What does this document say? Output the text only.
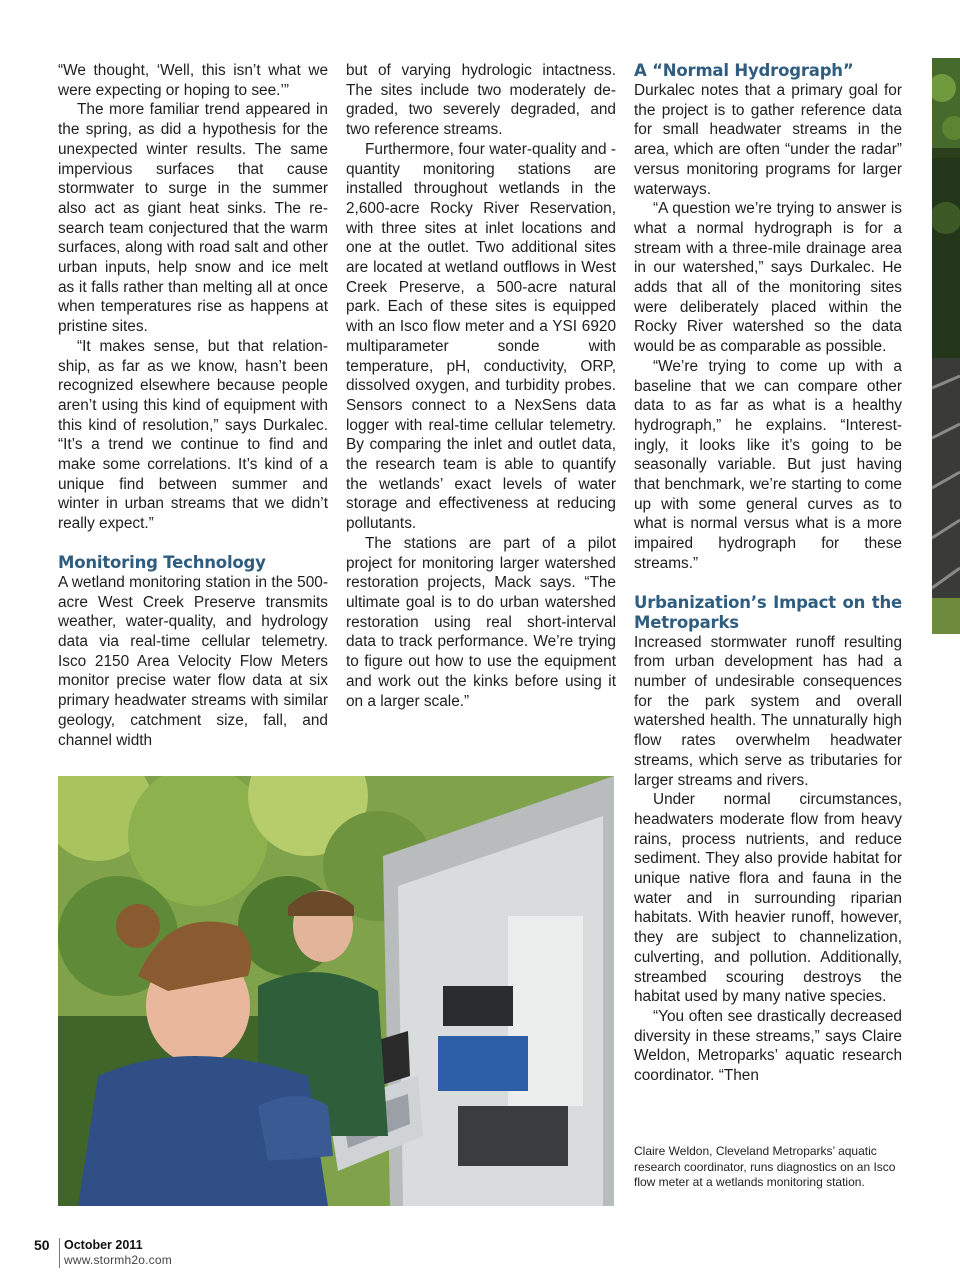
“We thought, ‘Well, this isn’t what we were expecting or hoping to see.’”

The more familiar trend appeared in the spring, as did a hypothesis for the unexpected winter results. The same impervious surfaces that cause stormwater to surge in the summer also act as giant heat sinks. The research team conjectured that the warm surfaces, along with road salt and other urban inputs, help snow and ice melt as it falls rather than melting all at once when temperatures rise as happens at pristine sites.

“It makes sense, but that relationship, as far as we know, hasn’t been recognized elsewhere because people aren’t using this kind of equipment with this kind of resolution,” says Durkalec. “It’s a trend we continue to find and make some correlations. It’s kind of a unique find between summer and winter in urban streams that we didn’t really expect.”

Monitoring Technology

A wetland monitoring station in the 500-acre West Creek Preserve transmits weather, water-quality, and hydrology data via real-time cellular telemetry. Isco 2150 Area Velocity Flow Meters monitor precise water flow data at six primary headwater streams with similar geology, catchment size, fall, and channel width

but of varying hydrologic intactness. The sites include two moderately degraded, two severely degraded, and two reference streams.

Furthermore, four water-quality and -quantity monitoring stations are installed throughout wetlands in the 2,600-acre Rocky River Reservation, with three sites at inlet locations and one at the outlet. Two additional sites are located at wetland outflows in West Creek Preserve, a 500-acre natural park. Each of these sites is equipped with an Isco flow meter and a YSI 6920 multiparameter sonde with temperature, pH, conductivity, ORP, dissolved oxygen, and turbidity probes. Sensors connect to a NexSens data logger with real-time cellular telemetry. By comparing the inlet and outlet data, the research team is able to quantify the wetlands’ exact levels of water storage and effectiveness at reducing pollutants.

The stations are part of a pilot project for monitoring larger watershed restoration projects, Mack says. “The ultimate goal is to do urban watershed restoration using real short-interval data to track performance. We’re trying to figure out how to use the equipment and work out the kinks before using it on a larger scale.”

A “Normal Hydrograph”

Durkalec notes that a primary goal for the project is to gather reference data for small headwater streams in the area, which are often “under the radar” versus monitoring programs for larger waterways.

“A question we’re trying to answer is what a normal hydrograph is for a stream with a three-mile drainage area in our watershed,” says Durkalec. He adds that all of the monitoring sites were deliberately placed within the Rocky River watershed so the data would be as comparable as possible.

“We’re trying to come up with a baseline that we can compare other data to as far as what is a healthy hydrograph,” he explains. “Interestingly, it looks like it’s going to be seasonally variable. But just having that benchmark, we’re starting to come up with some general curves as to what is normal versus what is a more impaired hydrograph for these streams.”

Urbanization’s Impact on the Metroparks

Increased stormwater runoff resulting from urban development has had a number of undesirable consequences for the park system and overall watershed health. The unnaturally high flow rates overwhelm headwater streams, which serve as tributaries for larger streams and rivers.

Under normal circumstances, headwaters moderate flow from heavy rains, process nutrients, and reduce sediment. They also provide habitat for unique native flora and fauna in the water and in surrounding riparian habitats. With heavier runoff, however, they are subject to channelization, culverting, and pollution. Additionally, streambed scouring destroys the habitat used by many native species.

“You often see drastically decreased diversity in these streams,” says Claire Weldon, Metroparks’ aquatic research coordinator. “Then

Claire Weldon, Cleveland Metroparks’ aquatic research coordinator, runs diagnostics on an Isco flow meter at a wetlands monitoring station.
50 October 2011
www.stormh2o.com
